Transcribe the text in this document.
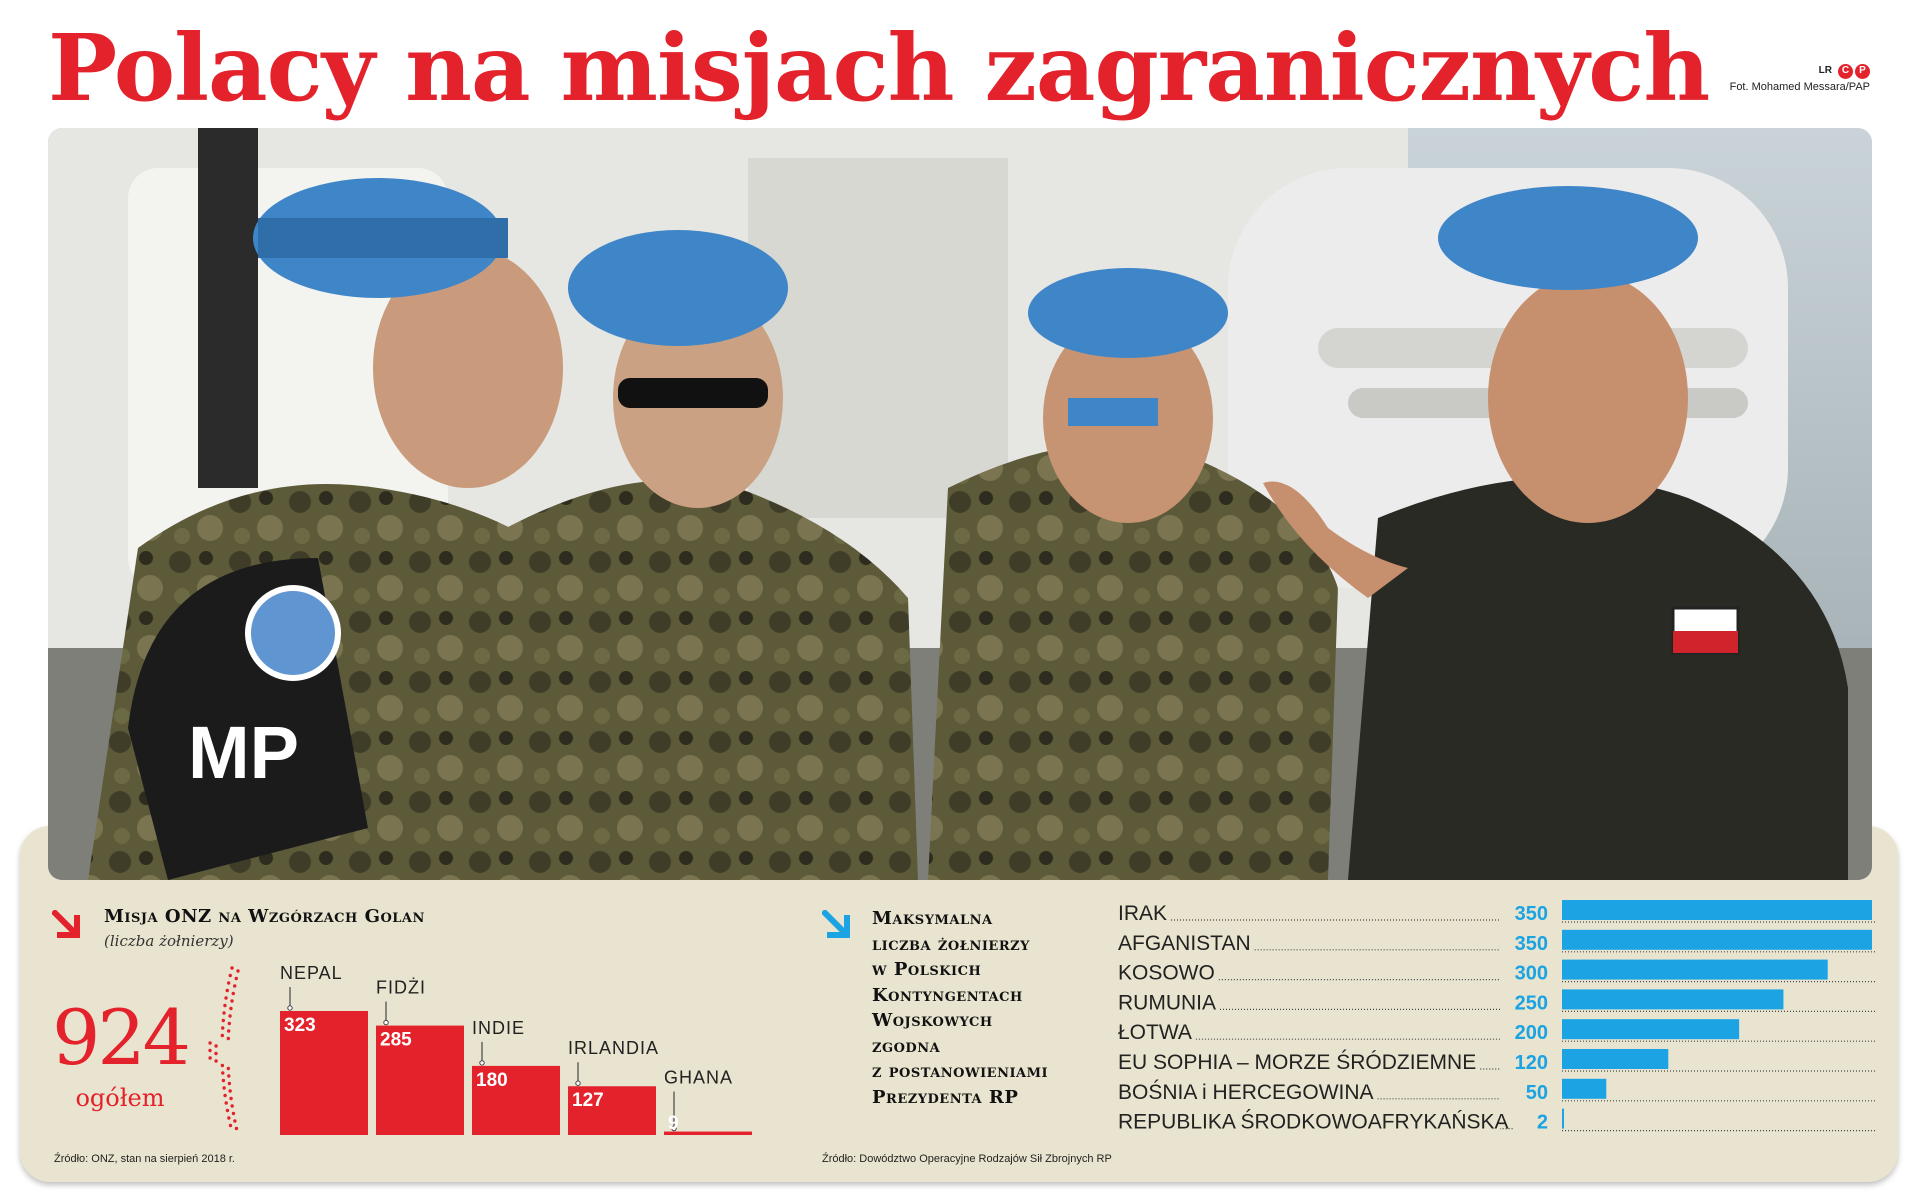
Polacy na misjach zagranicznych	LR C	P
Fot. Mohamed Messara/PAP
MP
Misja ONZ na Wzgórzach Golan
(liczba żołnierzy)
924
ogółem
NEPAL
323
FIDŻI
285
INDIE
180
IRLANDIA
127
GHANA
9
Źródło: ONZ, stan na sierpień 2018 r.
Maksymalna
liczba żołnierzy
w Polskich
Kontyngentach
Wojskowych
zgodna
z postanowieniami
Prezydenta RP
IRAK	350
AFGANISTAN	350
KOSOWO	300
RUMUNIA	250
ŁOTWA	200
EU SOPHIA – MORZE ŚRÓDZIEMNE 120
BOŚNIA i HERCEGOWINA	50
REPUBLIKA ŚRODKOWOAFRYKAŃSKA 2
Źródło: Dowództwo Operacyjne Rodzajów Sił Zbrojnych RP
